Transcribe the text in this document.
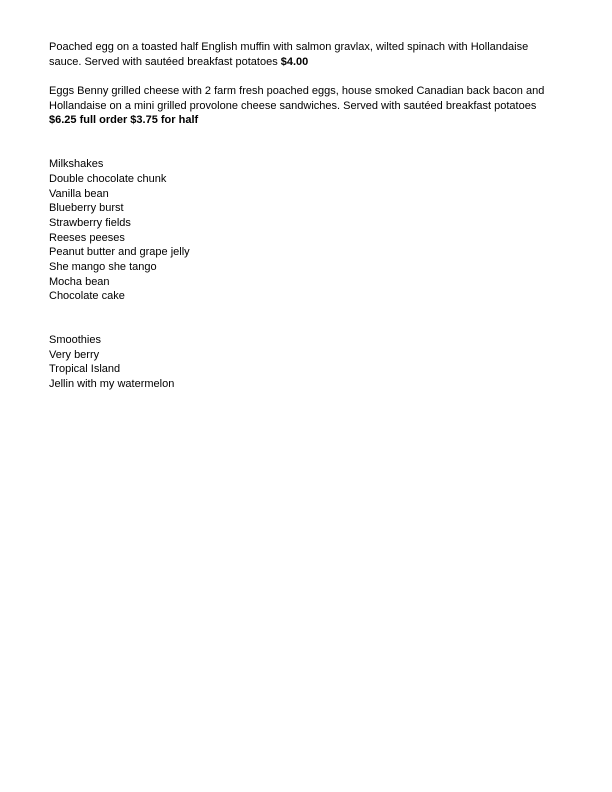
Poached egg on a toasted half English muffin with salmon gravlax, wilted spinach with Hollandaise
sauce. Served with sautéed breakfast potatoes $4.00
Eggs Benny grilled cheese with 2 farm fresh poached eggs, house smoked Canadian back bacon and
Hollandaise on a mini grilled provolone cheese sandwiches. Served with sautéed breakfast potatoes
$6.25 full order $3.75 for half
Milkshakes
Double chocolate chunk
Vanilla bean
Blueberry burst
Strawberry fields
Reeses peeses
Peanut butter and grape jelly
She mango she tango
Mocha bean
Chocolate cake
Smoothies
Very berry
Tropical Island
Jellin with my watermelon
